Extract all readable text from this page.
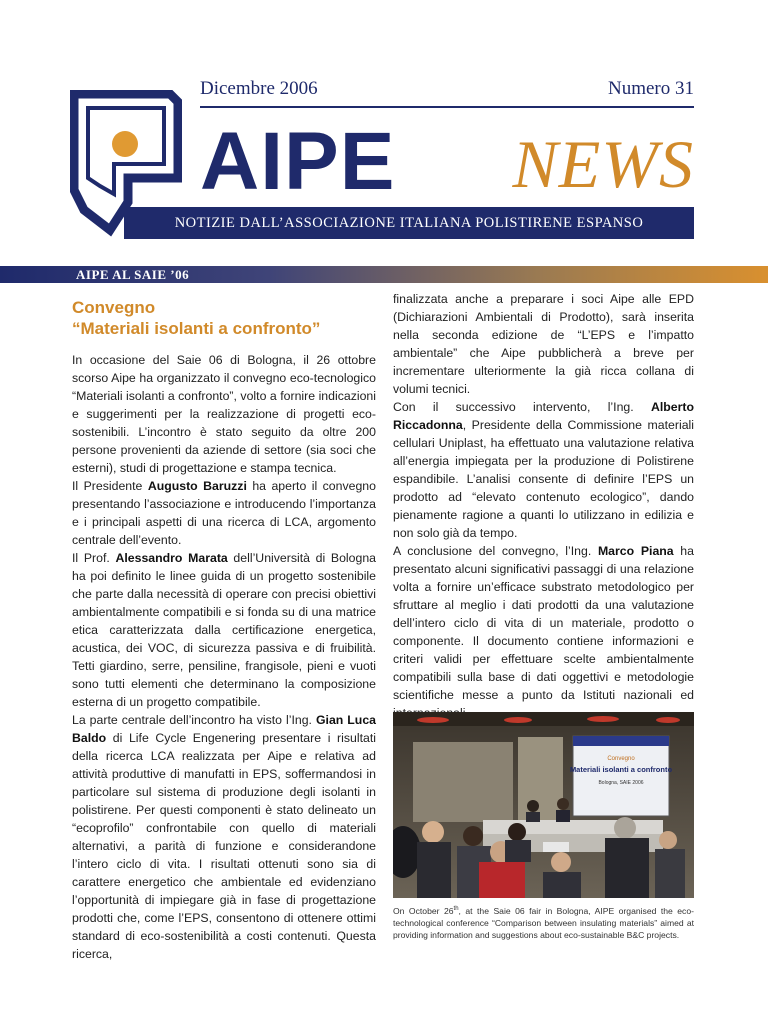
Dicembre 2006	Numero 31
AIPE NEWS
NOTIZIE DALL’ASSOCIAZIONE ITALIANA POLISTIRENE ESPANSO
AIPE AL SAIE ’06
Convegno
“Materiali isolanti a confronto”

In occasione del Saie 06 di Bologna, il 26 ottobre scorso Aipe ha organizzato il convegno eco-tecnologico “Materiali isolanti a confronto”, volto a fornire indicazioni e suggerimenti per la realizzazione di progetti eco-sostenibili. L’incontro è stato seguito da oltre 200 persone provenienti da aziende di settore (sia soci che esterni), studi di progettazione e stampa tecnica.

Il Presidente Augusto Baruzzi ha aperto il convegno presentando l’associazione e introducendo l’importanza e i principali aspetti di una ricerca di LCA, argomento centrale dell’evento.

Il Prof. Alessandro Marata dell’Università di Bologna ha poi definito le linee guida di un progetto sostenibile che parte dalla necessità di operare con precisi obiettivi ambientalmente compatibili e si fonda su di una matrice etica caratterizzata dalla certificazione energetica, acustica, dei VOC, di sicurezza passiva e di fruibilità. Tetti giardino, serre, pensiline, frangisole, pieni e vuoti sono tutti elementi che determinano la composizione esterna di un progetto compatibile.

La parte centrale dell’incontro ha visto l’Ing. Gian Luca Baldo di Life Cycle Engenering presentare i risultati della ricerca LCA realizzata per Aipe e relativa ad attività produttive di manufatti in EPS, soffermandosi in particolare sul sistema di produzione degli isolanti in polistirene. Per questi componenti è stato delineato un “ecoprofilo” confrontabile con quello di materiali alternativi, a parità di funzione e considerandone l’intero ciclo di vita. I risultati ottenuti sono sia di carattere energetico che ambientale ed evidenziano l’opportunità di impiegare già in fase di progettazione prodotti che, come l’EPS, consentono di ottenere ottimi standard di eco-sostenibilità a costi contenuti. Questa ricerca,

finalizzata anche a preparare i soci Aipe alle EPD (Dichiarazioni Ambientali di Prodotto), sarà inserita nella seconda edizione de “L’EPS e l’impatto ambientale” che Aipe pubblicherà a breve per incrementare ulteriormente la già ricca collana di volumi tecnici.

Con il successivo intervento, l’Ing. Alberto Riccadonna, Presidente della Commissione materiali cellulari Uniplast, ha effettuato una valutazione relativa all’energia impiegata per la produzione di Polistirene espandibile. L’analisi consente di definire l’EPS un prodotto ad “elevato contenuto ecologico”, dando pienamente ragione a quanti lo utilizzano in edilizia e non solo già da tempo.

A conclusione del convegno, l’Ing. Marco Piana ha presentato alcuni significativi passaggi di una relazione volta a fornire un’efficace substrato metodologico per sfruttare al meglio i dati prodotti da una valutazione dell’intero ciclo di vita di un materiale, prodotto o componente. Il documento contiene informazioni e criteri validi per effettuare scelte ambientalmente compatibili sulla base di dati oggettivi e metodologie scientifiche messe a punto da Istituti nazionali ed

Convegno
Materiali isolanti a confronto
Bologna, SAIE 2006
On October 26th, at the Saie 06 fair in Bologna, AIPE organised the eco-technological conference “Comparison between insulating materials” aimed at providing information and suggestions about eco-sustainable B&C projects.
